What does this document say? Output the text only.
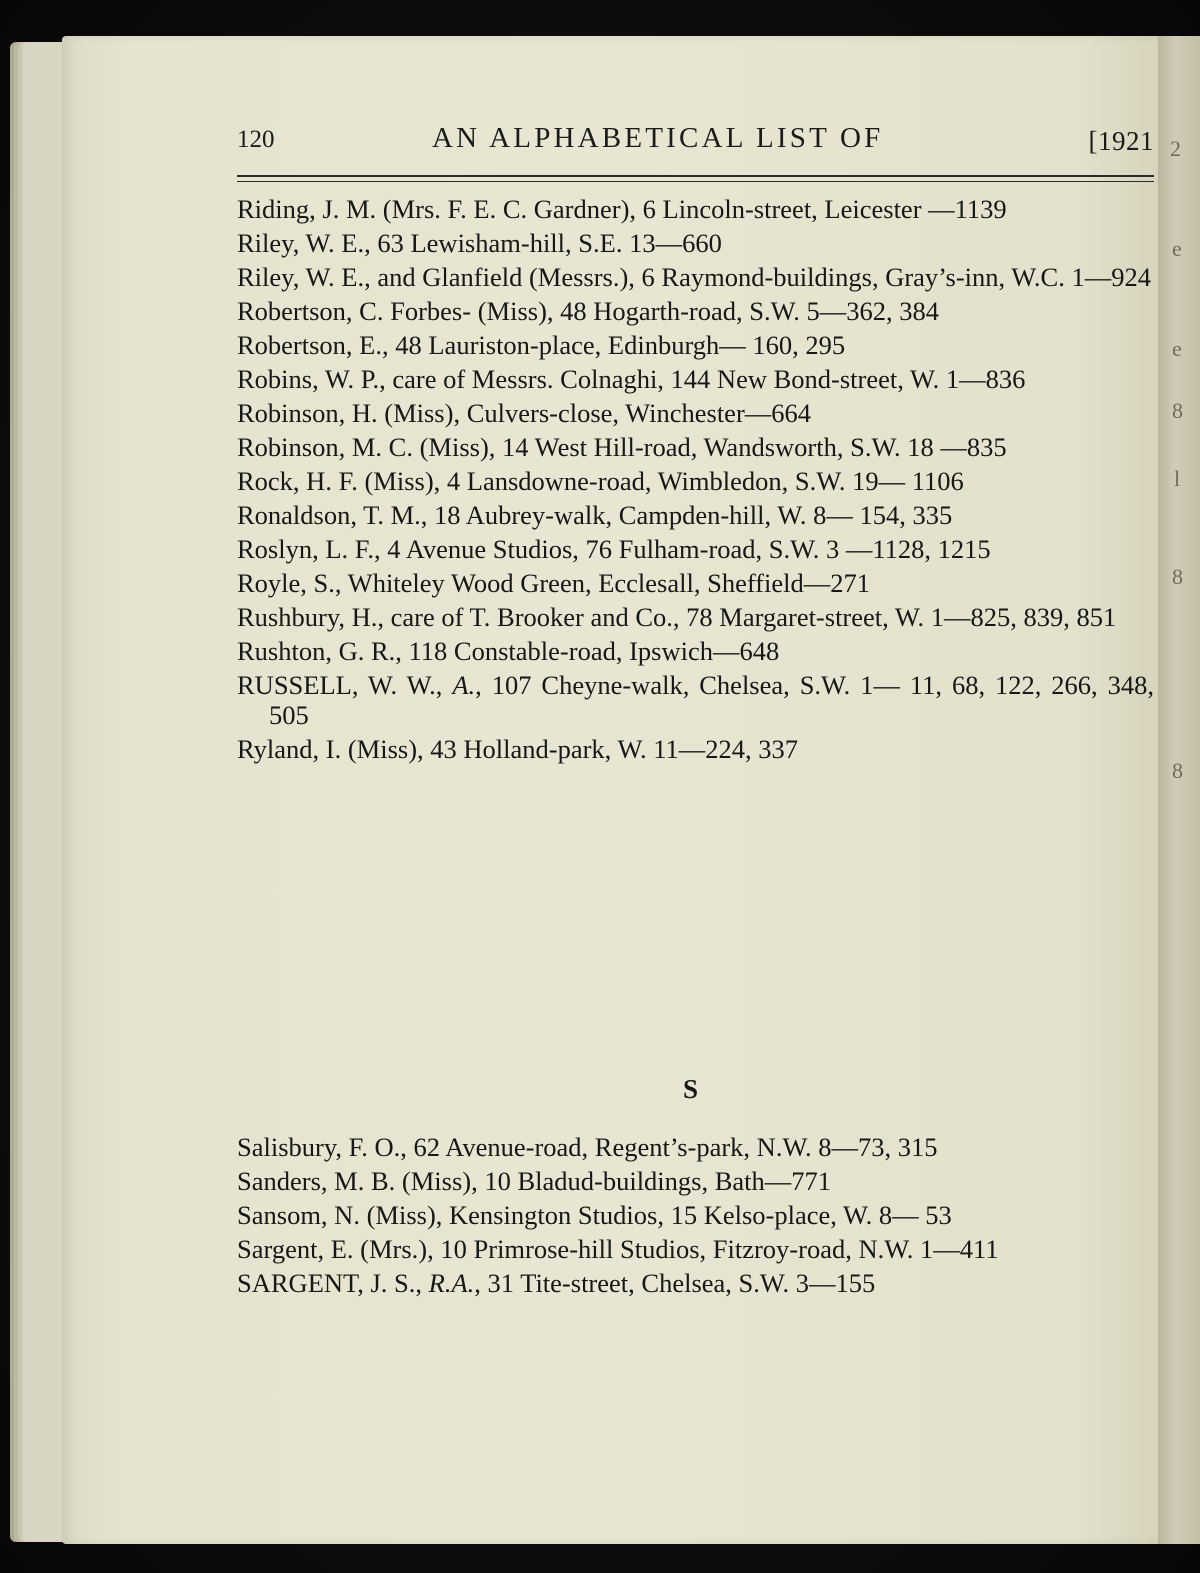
2
e
e
8
l
8
8
120	AN ALPHABETICAL LIST OF	[1921

Riding, J. M. (Mrs. F. E. C. Gardner), 6 Lincoln-street, Leicester —1139

Riley, W. E., 63 Lewisham-hill, S.E. 13—660

Riley, W. E., and Glanfield (Messrs.), 6 Raymond-buildings, Gray’s-inn, W.C. 1—924

Robertson, C. Forbes- (Miss), 48 Hogarth-road, S.W. 5—362, 384

Robertson, E., 48 Lauriston-place, Edinburgh— 160, 295

Robins, W. P., care of Messrs. Colnaghi, 144 New Bond-street, W. 1—836

Robinson, H. (Miss), Culvers-close, Winchester—664

Robinson, M. C. (Miss), 14 West Hill-road, Wandsworth, S.W. 18 —835

Rock, H. F. (Miss), 4 Lansdowne-road, Wimbledon, S.W. 19— 1106

Ronaldson, T. M., 18 Aubrey-walk, Campden-hill, W. 8— 154, 335

Roslyn, L. F., 4 Avenue Studios, 76 Fulham-road, S.W. 3 —1128, 1215

Royle, S., Whiteley Wood Green, Ecclesall, Sheffield—271

Rushbury, H., care of T. Brooker and Co., 78 Margaret-street, W. 1—825, 839, 851

Rushton, G. R., 118 Constable-road, Ipswich—648

RUSSELL, W. W., A., 107 Cheyne-walk, Chelsea, S.W. 1— 11, 68, 122, 266, 348, 505

Ryland, I. (Miss), 43 Holland-park, W. 11—224, 337

S

Salisbury, F. O., 62 Avenue-road, Regent’s-park, N.W. 8—73, 315

Sanders, M. B. (Miss), 10 Bladud-buildings, Bath—771

Sansom, N. (Miss), Kensington Studios, 15 Kelso-place, W. 8— 53

Sargent, E. (Mrs.), 10 Primrose-hill Studios, Fitzroy-road, N.W. 1—411

SARGENT, J. S., R.A., 31 Tite-street, Chelsea, S.W. 3—155
